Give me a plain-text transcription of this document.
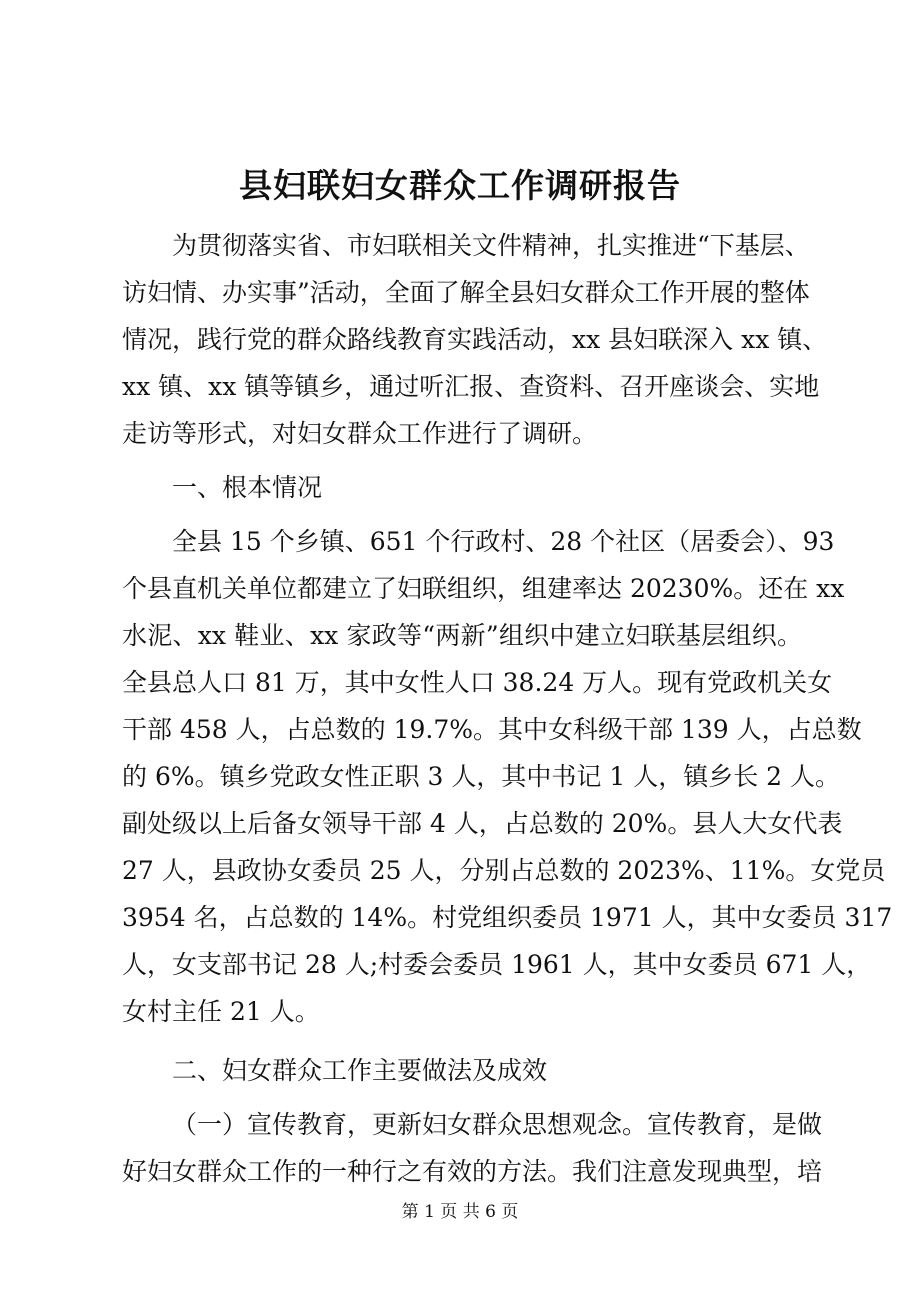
县妇联妇女群众工作调研报告
为贯彻落实省、市妇联相关文件精神，扎实推进“下基层、
访妇情、办实事”活动，全面了解全县妇女群众工作开展的整体
情况，践行党的群众路线教育实践活动，xx 县妇联深入 xx 镇、
xx 镇、xx 镇等镇乡，通过听汇报、查资料、召开座谈会、实地
走访等形式，对妇女群众工作进行了调研。
一、根本情况
全县 15 个乡镇、651 个行政村、28 个社区（居委会）、93
个县直机关单位都建立了妇联组织，组建率达 20230%。还在 xx
水泥、xx 鞋业、xx 家政等“两新”组织中建立妇联基层组织。
全县总人口 81 万，其中女性人口 38.24 万人。现有党政机关女
干部 458 人，占总数的 19.7%。其中女科级干部 139 人，占总数
的 6%。镇乡党政女性正职 3 人，其中书记 1 人，镇乡长 2 人。
副处级以上后备女领导干部 4 人，占总数的 20%。县人大女代表
27 人，县政协女委员 25 人，分别占总数的 2023%、11%。女党员
3954 名，占总数的 14%。村党组织委员 1971 人，其中女委员 317
人，女支部书记 28 人;村委会委员 1961 人，其中女委员 671 人，
女村主任 21 人。
二、妇女群众工作主要做法及成效
（一）宣传教育，更新妇女群众思想观念。宣传教育，是做
好妇女群众工作的一种行之有效的方法。我们注意发现典型，培
第 1 页 共 6 页
